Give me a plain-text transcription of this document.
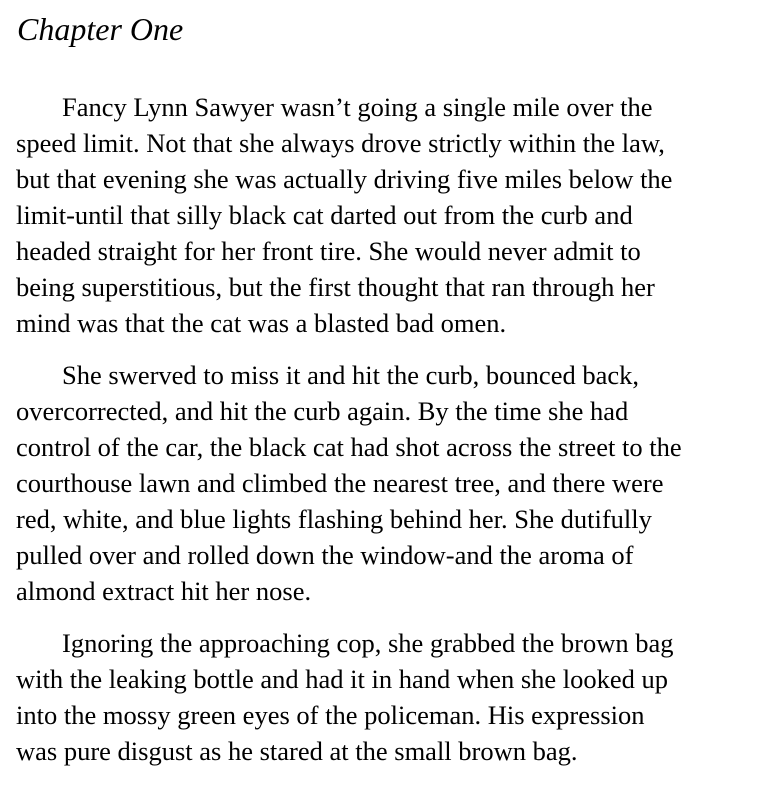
Chapter One

Fancy Lynn Sawyer wasn’t going a single mile over the
speed limit. Not that she always drove strictly within the law,
but that evening she was actually driving five miles below the
limit-until that silly black cat darted out from the curb and
headed straight for her front tire. She would never admit to
being superstitious, but the first thought that ran through her
mind was that the cat was a blasted bad omen.

She swerved to miss it and hit the curb, bounced back,
overcorrected, and hit the curb again. By the time she had
control of the car, the black cat had shot across the street to the
courthouse lawn and climbed the nearest tree, and there were
red, white, and blue lights flashing behind her. She dutifully
pulled over and rolled down the window-and the aroma of
almond extract hit her nose.

Ignoring the approaching cop, she grabbed the brown bag
with the leaking bottle and had it in hand when she looked up
into the mossy green eyes of the policeman. His expression
was pure disgust as he stared at the small brown bag.
